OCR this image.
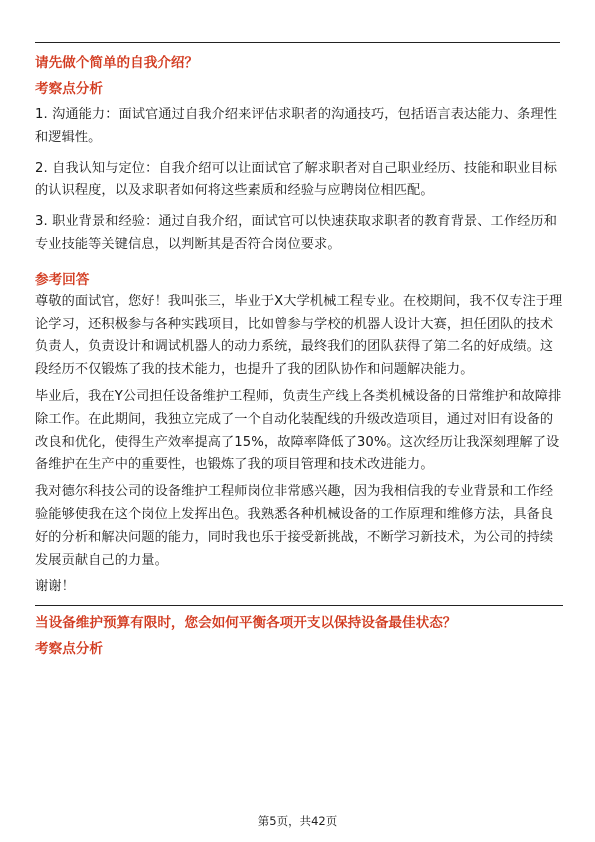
请先做个简单的自我介绍？

考察点分析

1. 沟通能力：面试官通过自我介绍来评估求职者的沟通技巧，包括语言表达能力、条理性和逻辑性。

2. 自我认知与定位：自我介绍可以让面试官了解求职者对自己职业经历、技能和职业目标的认识程度，以及求职者如何将这些素质和经验与应聘岗位相匹配。

3. 职业背景和经验：通过自我介绍，面试官可以快速获取求职者的教育背景、工作经历和专业技能等关键信息，以判断其是否符合岗位要求。

参考回答

尊敬的面试官，您好！我叫张三，毕业于X大学机械工程专业。在校期间，我不仅专注于理论学习，还积极参与各种实践项目，比如曾参与学校的机器人设计大赛，担任团队的技术负责人，负责设计和调试机器人的动力系统，最终我们的团队获得了第二名的好成绩。这段经历不仅锻炼了我的技术能力，也提升了我的团队协作和问题解决能力。

毕业后，我在Y公司担任设备维护工程师，负责生产线上各类机械设备的日常维护和故障排除工作。在此期间，我独立完成了一个自动化装配线的升级改造项目，通过对旧有设备的改良和优化，使得生产效率提高了15%，故障率降低了30%。这次经历让我深刻理解了设备维护在生产中的重要性，也锻炼了我的项目管理和技术改进能力。

我对德尔科技公司的设备维护工程师岗位非常感兴趣，因为我相信我的专业背景和工作经验能够使我在这个岗位上发挥出色。我熟悉各种机械设备的工作原理和维修方法，具备良好的分析和解决问题的能力，同时我也乐于接受新挑战，不断学习新技术，为公司的持续发展贡献自己的力量。

谢谢！

当设备维护预算有限时，您会如何平衡各项开支以保持设备最佳状态？

考察点分析

第5页，共42页
